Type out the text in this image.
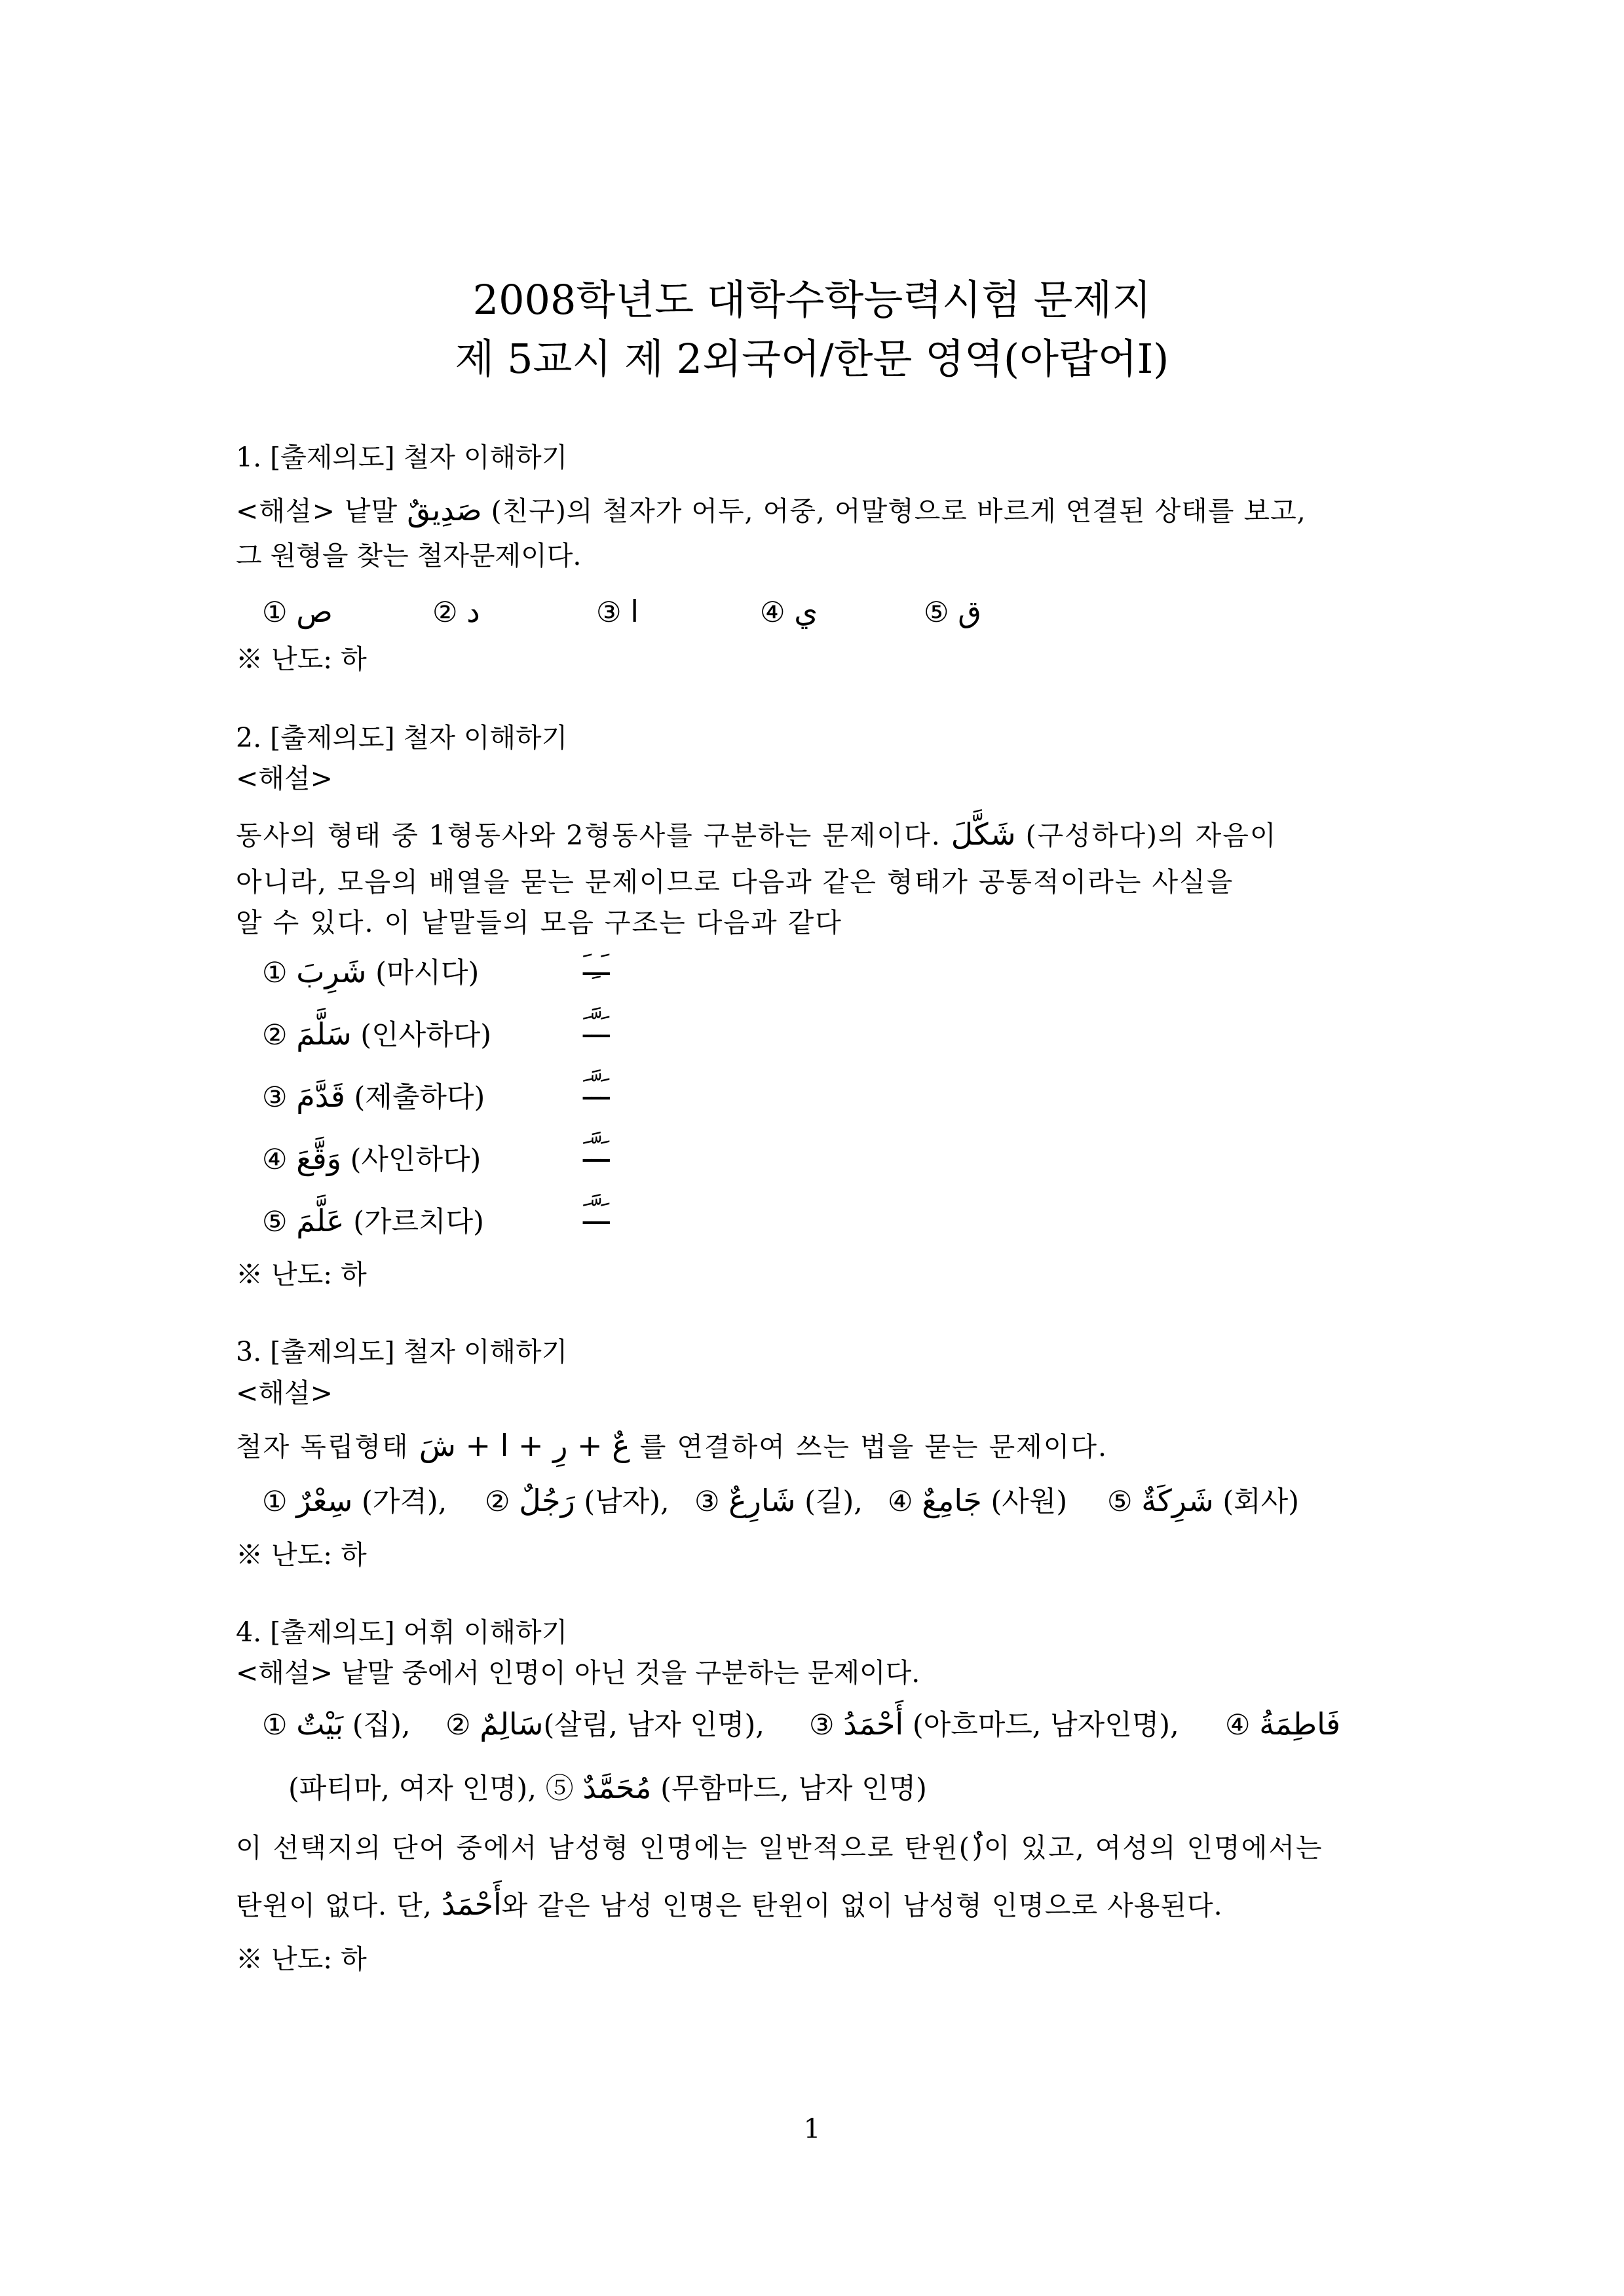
2008학년도 대학수학능력시험 문제지
제 5교시 제 2외국어/한문 영역(아랍어I)
1. [출제의도] 철자 이해하기
<해설> 낱말 صَدِيقٌ (친구)의 철자가 어두, 어중, 어말형으로 바르게 연결된 상태를 보고,
그 원형을 찾는 철자문제이다.
① ص	② د	③ ا	④ ي	⑤ ق
※ 난도: 하
2. [출제의도] 철자 이해하기
<해설>
동사의 형태 중 1형동사와 2형동사를 구분하는 문제이다. شَكَّلَ (구성하다)의 자음이
아니라, 모음의 배열을 묻는 문제이므로 다음과 같은 형태가 공통적이라는 사실을
알 수 있다. 이 낱말들의 모음 구조는 다음과 같다
① شَرِبَ (마시다)	ـَـِـَ
② سَلَّمَ (인사하다)	ـَـَّـَ
③ قَدَّمَ (제출하다)	ـَـَّـَ
④ وَقَّعَ (사인하다)	ـَـَّـَ
⑤ عَلَّمَ (가르치다)	ـَـَّـَ
※ 난도: 하
3. [출제의도] 철자 이해하기
<해설>
철자 독립형태 عٌ + رِ + ا + شَ 를 연결하여 쓰는 법을 묻는 문제이다.
① سِعْرٌ (가격), ② رَجُلٌ (남자), ③ شَارِعٌ (길), ④ جَامِعٌ (사원) ⑤ شَرِكَةٌ (회사)
※ 난도: 하
4. [출제의도] 어휘 이해하기
<해설> 낱말 중에서 인명이 아닌 것을 구분하는 문제이다.
① بَيْتٌ (집), ② سَالِمٌ(살림, 남자 인명), ③ أَحْمَدُ (아흐마드, 남자인명), ④ فَاطِمَةُ
(파티마, 여자 인명), ⑤ مُحَمَّدٌ (무함마드, 남자 인명)
이 선택지의 단어 중에서 남성형 인명에는 일반적으로 탄윈(ٌ)이 있고, 여성의 인명에서는
탄윈이 없다. 단, أَحْمَدُ와 같은 남성 인명은 탄윈이 없이 남성형 인명으로 사용된다.
※ 난도: 하
1
